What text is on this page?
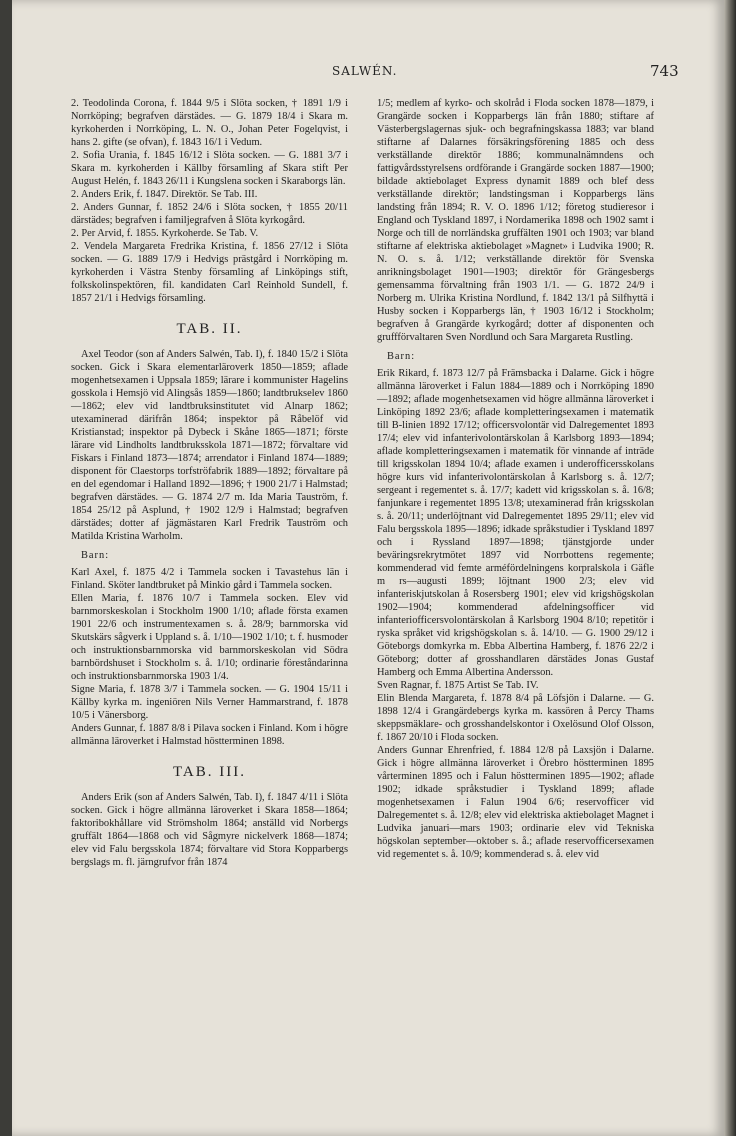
SALWÉN.	743
2. Teodolinda Corona, f. 1844 9/5 i Slöta socken, † 1891 1/9 i Norrköping; begrafven därstädes. — G. 1879 18/4 i Skara m. kyrkoherden i Norrköping, L. N. O., Johan Peter Fogelqvist, i hans 2. gifte (se ofvan), f. 1843 16/1 i Vedum.
2. Sofia Urania, f. 1845 16/12 i Slöta socken. — G. 1881 3/7 i Skara m. kyrkoherden i Källby församling af Skara stift Per August Helén, f. 1843 26/11 i Kungslena socken i Skaraborgs län.
2. Anders Erik, f. 1847. Direktör. Se Tab. III.
2. Anders Gunnar, f. 1852 24/6 i Slöta socken, † 1855 20/11 därstädes; begrafven i familjegrafven å Slöta kyrkogård.
2. Per Arvid, f. 1855. Kyrkoherde. Se Tab. V.
2. Vendela Margareta Fredrika Kristina, f. 1856 27/12 i Slöta socken. — G. 1889 17/9 i Hedvigs prästgård i Norrköping m. kyrkoherden i Västra Stenby församling af Linköpings stift, folkskolinspektören, fil. kandidaten Carl Reinhold Sundell, f. 1857 21/1 i Hedvigs församling.
TAB. II.

Axel Teodor (son af Anders Salwén, Tab. I), f. 1840 15/2 i Slöta socken. Gick i Skara elementarläroverk 1850—1859; aflade mogenhetsexamen i Uppsala 1859; lärare i kommunister Hagelins gosskola i Hemsjö vid Alingsås 1859—1860; landtbrukselev 1860—1862; elev vid landtbruksinstitutet vid Alnarp 1862; utexaminerad därifrån 1864; inspektor på Råbelöf vid Kristianstad; inspektor på Dybeck i Skåne 1865—1871; förste lärare vid Lindholts landtbruksskola 1871—1872; förvaltare vid Fiskars i Finland 1873—1874; arrendator i Finland 1874—1889; disponent för Claestorps torfströfabrik 1889—1892; förvaltare på en del egendomar i Halland 1892—1896; † 1900 21/7 i Halmstad; begrafven därstädes. — G. 1874 2/7 m. Ida Maria Tauström, f. 1854 25/12 på Asplund, † 1902 12/9 i Halmstad; begrafven därstädes; dotter af jägmästaren Karl Fredrik Tauström och Matilda Kristina Warholm.

Barn:
Karl Axel, f. 1875 4/2 i Tammela socken i Tavastehus län i Finland. Sköter landtbruket på Minkio gård i Tammela socken.
Ellen Maria, f. 1876 10/7 i Tammela socken. Elev vid barnmorskeskolan i Stockholm 1900 1/10; aflade första examen 1901 22/6 och instrumentexamen s. å. 28/9; barnmorska vid Skutskärs sågverk i Uppland s. å. 1/10—1902 1/10; t. f. husmoder och instruktionsbarnmorska vid barnmorskeskolan vid Södra barnbördshuset i Stockholm s. å. 1/10; ordinarie föreståndarinna och instruktionsbarnmorska 1903 1/4.
Signe Maria, f. 1878 3/7 i Tammela socken. — G. 1904 15/11 i Källby kyrka m. ingeniören Nils Verner Hammarstrand, f. 1878 10/5 i Vänersborg.
Anders Gunnar, f. 1887 8/8 i Pilava socken i Finland. Kom i högre allmänna läroverket i Halmstad höstterminen 1898.
TAB. III.

Anders Erik (son af Anders Salwén, Tab. I), f. 1847 4/11 i Slöta socken. Gick i högre allmänna läroverket i Skara 1858—1864; faktoribokhållare vid Strömsholm 1864; anställd vid Norbergs gruffält 1864—1868 och vid Sågmyre nickelverk 1868—1874; elev vid Falu bergsskola 1874; förvaltare vid Stora Kopparbergs bergslags m. fl. järngrufvor från 1874

1/5; medlem af kyrko- och skolråd i Floda socken 1878—1879, i Grangärde socken i Kopparbergs län från 1880; stiftare af Västerbergslagernas sjuk- och begrafningskassa 1883; var bland stiftarne af Dalarnes försäkringsförening 1885 och dess verkställande direktör 1886; kommunalnämndens och fattigvårdsstyrelsens ordförande i Grangärde socken 1887—1900; bildade aktiebolaget Express dynamit 1889 och blef dess verkställande direktör; landstingsman i Kopparbergs läns landsting från 1894; R. V. O. 1896 1/12; företog studieresor i England och Tyskland 1897, i Nordamerika 1898 och 1902 samt i Norge och till de norrländska gruffälten 1901 och 1903; var bland stiftarne af elektriska aktiebolaget »Magnet» i Ludvika 1900; R. N. O. s. å. 1/12; verkställande direktör för Svenska anrikningsbolaget 1901—1903; direktör för Grängesbergs gemensamma förvaltning från 1903 1/1. — G. 1872 24/9 i Norberg m. Ulrika Kristina Nordlund, f. 1842 13/1 på Silfhyttä i Husby socken i Kopparbergs län, † 1903 16/12 i Stockholm; begrafven å Grangärde kyrkogård; dotter af disponenten och gruffförvaltaren Sven Nordlund och Sara Margareta Rustling.

Barn:
Erik Rikard, f. 1873 12/7 på Främsbacka i Dalarne. Gick i högre allmänna läroverket i Falun 1884—1889 och i Norrköping 1890—1892; aflade mogenhetsexamen vid högre allmänna läroverket i Linköping 1892 23/6; aflade kompletteringsexamen i matematik till B-linien 1892 17/12; officersvolontär vid Dalregementet 1893 17/4; elev vid infanterivolontärskolan å Karlsborg 1893—1894; aflade kompletteringsexamen i matematik för vinnande af inträde till krigsskolan 1894 10/4; aflade examen i underofficersskolans högre kurs vid infanterivolontärskolan å Karlsborg s. å. 12/7; sergeant i regementet s. å. 17/7; kadett vid krigsskolan s. å. 16/8; fanjunkare i regementet 1895 13/8; utexaminerad från krigsskolan s. å. 20/11; underlöjtnant vid Dalregementet 1895 29/11; elev vid Falu bergsskola 1895—1896; idkade språkstudier i Tyskland 1897 och i Ryssland 1897—1898; tjänstgjorde under beväringsrekrytmötet 1897 vid Norrbottens regemente; kommenderad vid femte arméfördelningens korpralskola i Gäfle m rs—augusti 1899; löjtnant 1900 2/3; elev vid infanteriskjutskolan å Rosersberg 1901; elev vid krigshögskolan 1902—1904; kommenderad afdelningsofficer vid infanteriofficersvolontärskolan å Karlsborg 1904 8/10; repetitör i ryska språket vid krigshögskolan s. å. 14/10. — G. 1900 29/12 i Göteborgs domkyrka m. Ebba Albertina Hamberg, f. 1876 22/2 i Göteborg; dotter af grosshandlaren därstädes Jonas Gustaf Hamberg och Emma Albertina Andersson.
Sven Ragnar, f. 1875 Artist Se Tab. IV.
Elin Blenda Margareta, f. 1878 8/4 på Löfsjön i Dalarne. — G. 1898 12/4 i Grangärdebergs kyrka m. kassören å Percy Thams skeppsmäklare- och grosshandelskontor i Oxelösund Olof Olsson, f. 1867 20/10 i Floda socken.
Anders Gunnar Ehrenfried, f. 1884 12/8 på Laxsjön i Dalarne. Gick i högre allmänna läroverket i Örebro höstterminen 1895 vårterminen 1895 och i Falun höstterminen 1895—1902; aflade 1902; idkade språkstudier i Tyskland 1899; aflade mogenhetsexamen i Falun 1904 6/6; reservofficer vid Dalregementet s. å. 12/8; elev vid elektriska aktiebolaget Magnet i Ludvika januari—mars 1903; ordinarie elev vid Tekniska högskolan september—oktober s. å.; aflade reservofficersexamen vid regementet s. å. 10/9; kommenderad s. å. elev vid
